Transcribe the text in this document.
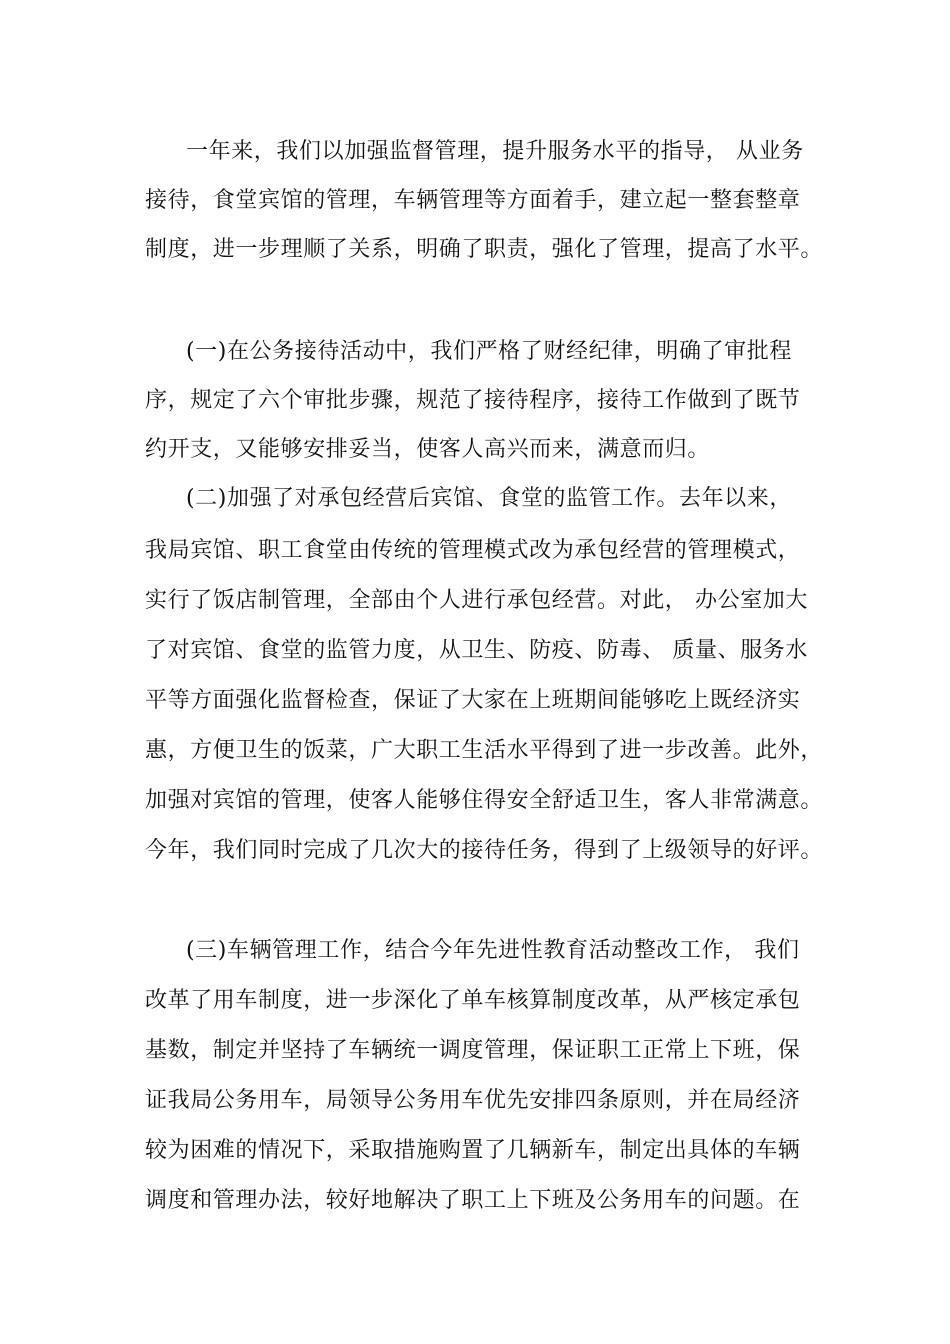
一年来，我们以加强监督管理，提升服务水平的指导， 从业务
接待，食堂宾馆的管理，车辆管理等方面着手，建立起一整套整章
制度，进一步理顺了关系，明确了职责，强化了管理，提高了水平。
(一)在公务接待活动中，我们严格了财经纪律，明确了审批程
序，规定了六个审批步骤，规范了接待程序，接待工作做到了既节
约开支，又能够安排妥当，使客人高兴而来，满意而归。
(二)加强了对承包经营后宾馆、食堂的监管工作。去年以来，
我局宾馆、职工食堂由传统的管理模式改为承包经营的管理模式，
实行了饭店制管理，全部由个人进行承包经营。对此， 办公室加大
了对宾馆、食堂的监管力度，从卫生、防疫、防毒、 质量、服务水
平等方面强化监督检查，保证了大家在上班期间能够吃上既经济实
惠，方便卫生的饭菜，广大职工生活水平得到了进一步改善。此外，
加强对宾馆的管理，使客人能够住得安全舒适卫生，客人非常满意。
今年，我们同时完成了几次大的接待任务，得到了上级领导的好评。
(三)车辆管理工作，结合今年先进性教育活动整改工作， 我们
改革了用车制度，进一步深化了单车核算制度改革，从严核定承包
基数，制定并坚持了车辆统一调度管理，保证职工正常上下班，保
证我局公务用车，局领导公务用车优先安排四条原则，并在局经济
较为困难的情况下，采取措施购置了几辆新车，制定出具体的车辆
调度和管理办法，较好地解决了职工上下班及公务用车的问题。在
